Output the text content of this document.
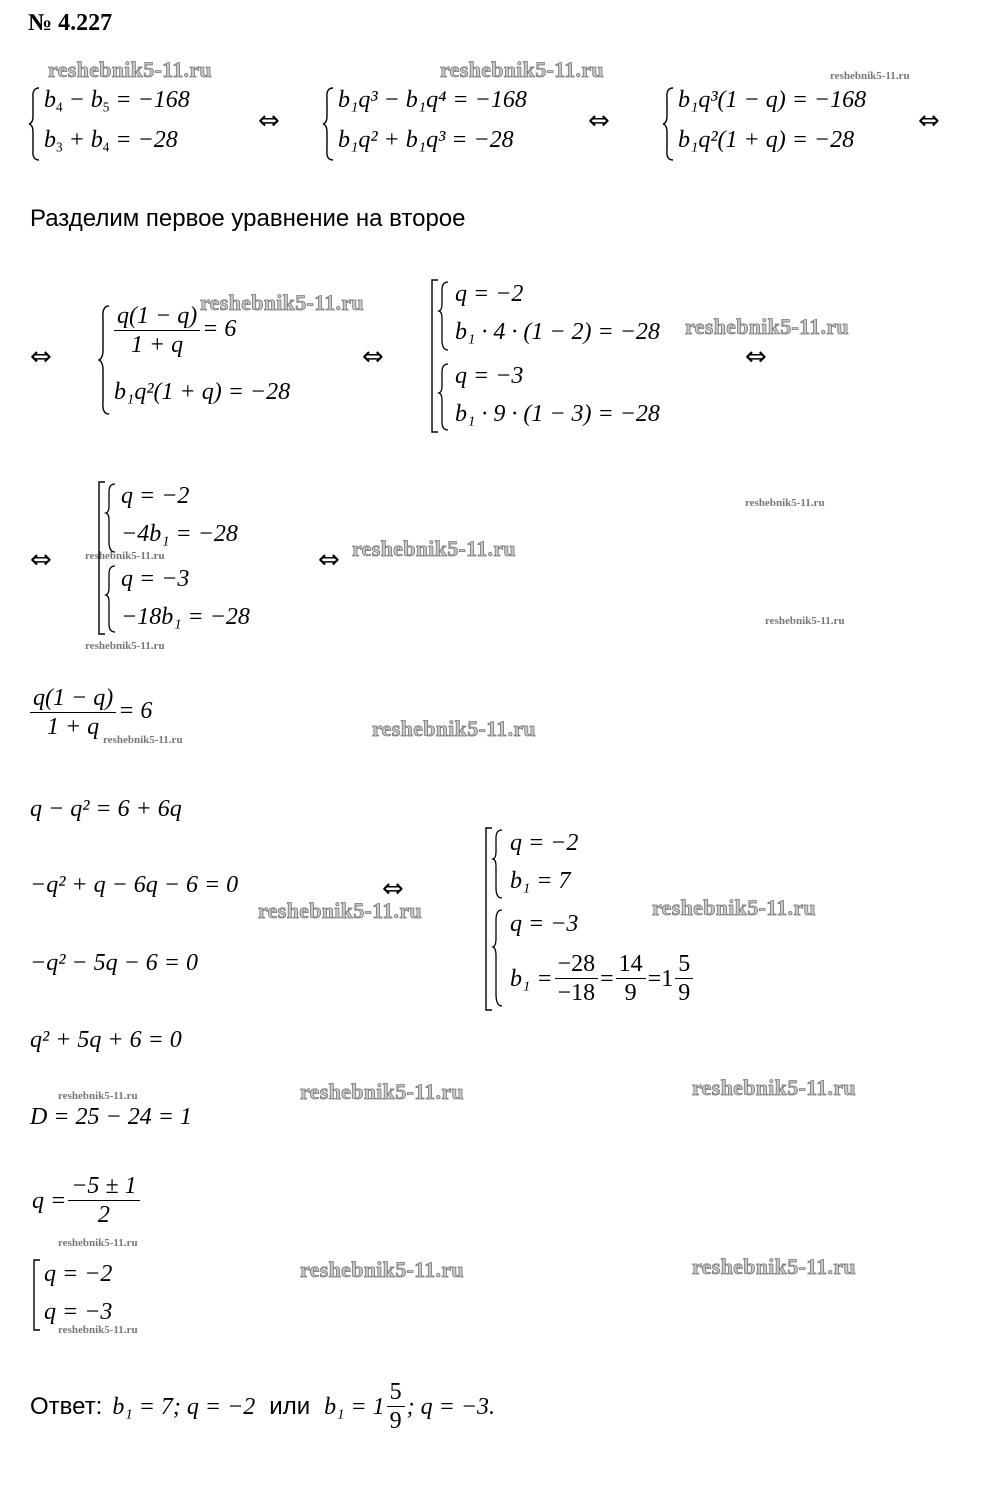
№ 4.227
reshebnik5-11.ru	reshebnik5-11.ru	reshebnik5-11.ru
reshebnik5-11.ru
reshebnik5-11.ru
reshebnik5-11.ru
reshebnik5-11.ru
reshebnik5-11.ru
reshebnik5-11.ru
reshebnik5-11.ru
reshebnik5-11.ru
reshebnik5-11.ru
reshebnik5-11.ru	reshebnik5-11.ru
reshebnik5-11.ru	reshebnik5-11.ru	reshebnik5-11.ru
reshebnik5-11.ru
reshebnik5-11.ru	reshebnik5-11.ru
reshebnik5-11.ru
$b_4 - b_5 = -168$
$b_3 + b_4 = -28$
⇔
b₁q³ − b₁q⁴ = −168
b₁q² + b₁q³ = −28
⇔
b₁q³(1 − q) = −168
b₁q²(1 + q) = −28
⇔
Разделим первое уравнение на второе
⇔	$\frac{q(1 - q)}{1 + q} = 6$
b₁q²(1 + q) = −28
⇔
q = −2
b₁ · 4 · (1 − 2) = −28
q = −3
b₁ · 9 · (1 − 3) = −28
⇔
⇔
q = −2
−4b₁ = −28
q = −3
−18b₁ = −28
⇔
$\frac{q(1 - q)}{1 + q} = 6$
q − q² = 6 + 6q
−q² + q − 6q − 6 = 0
−q² − 5q − 6 = 0
q² + 5q + 6 = 0
D = 25 − 24 = 1
$q = \frac{-5 \pm 1}{2}$
q = −2
q = −3
⇔
q = −2
b₁ = 7
q = −3
$b_1 = \frac{-28}{-18} = \frac{14}{9} = 1 \frac{5}{9}$
Ответ: b₁ = 7; q = −2 или $b_1 = 1 \frac{5}{9}$ ; q = −3.
